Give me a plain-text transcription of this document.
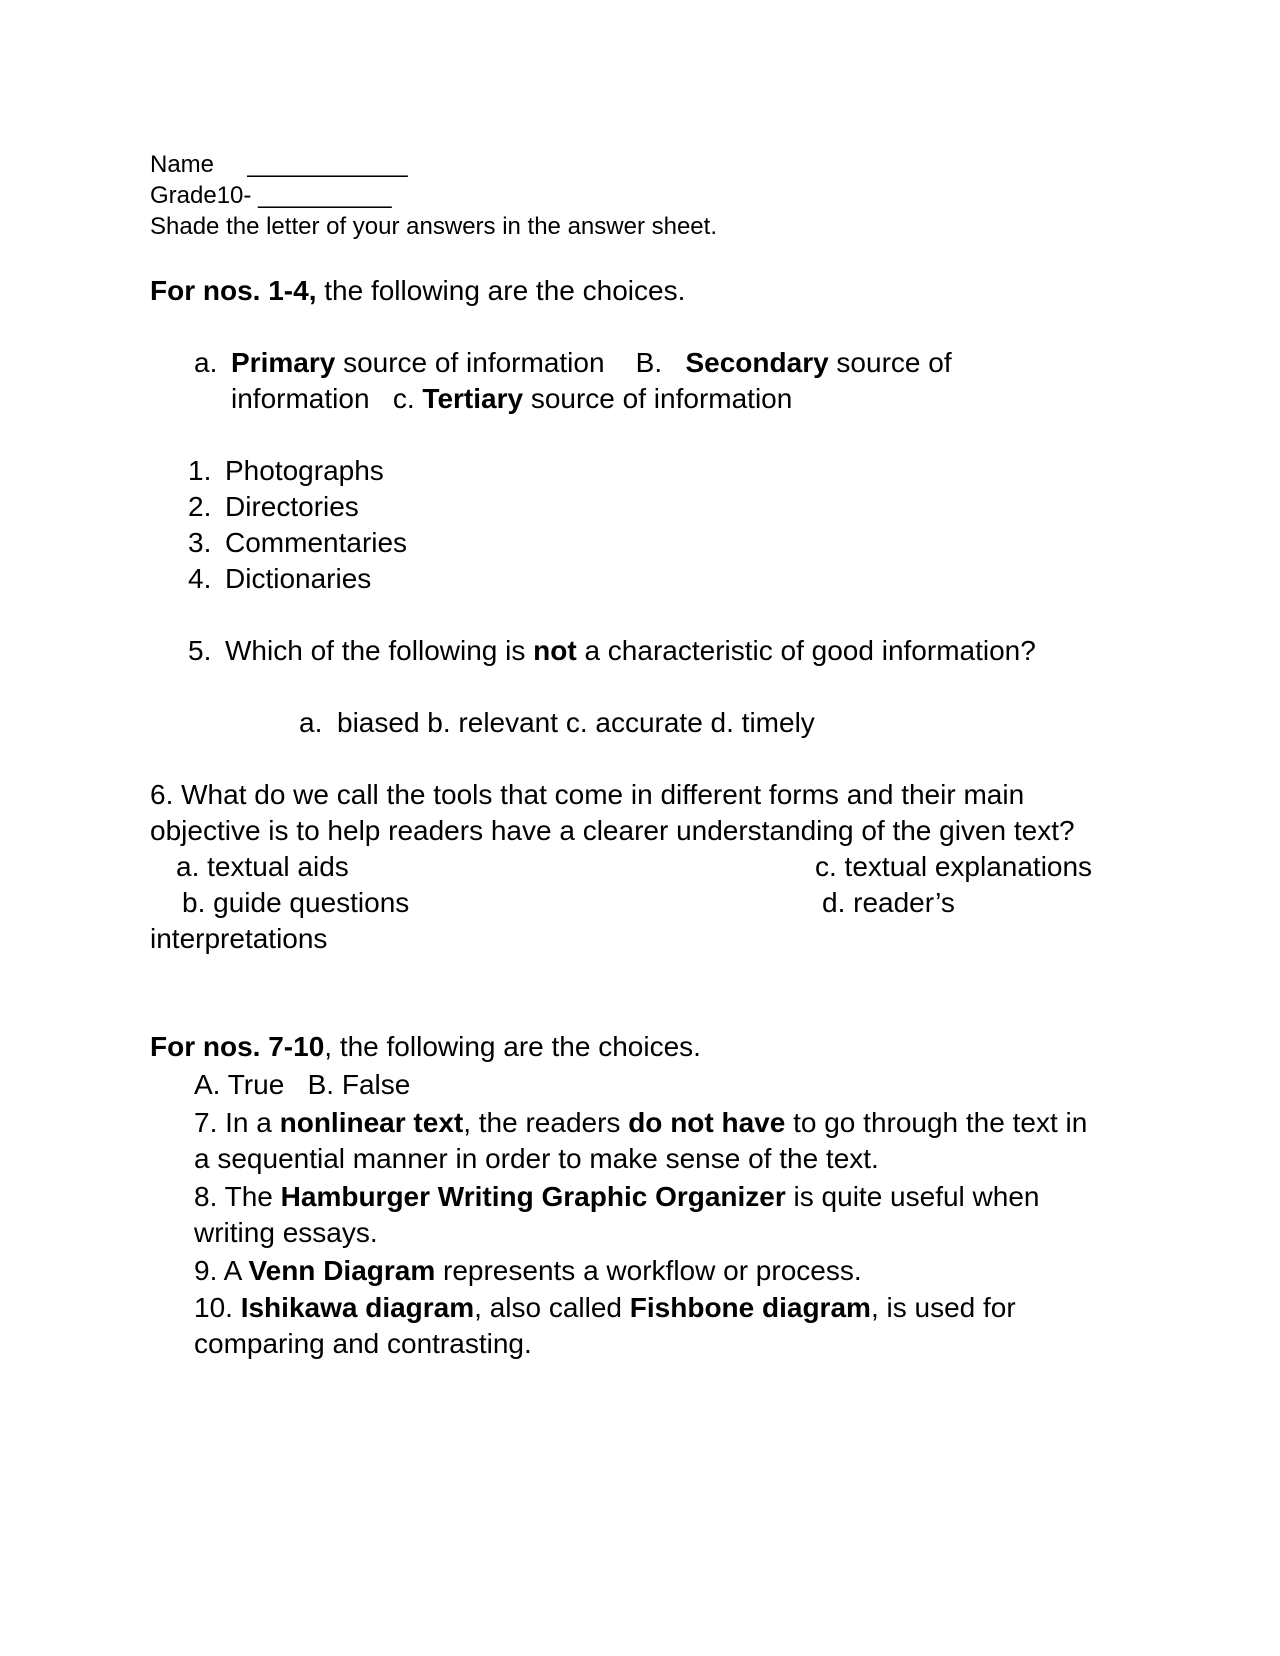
Name ____________
Grade10- __________
Shade the letter of your answers in the answer sheet.
For nos. 1-4, the following are the choices.
a. Primary source of information B. Secondary source of
information c. Tertiary source of information
1. Photographs
2. Directories
3. Commentaries
4. Dictionaries
5. Which of the following is not a characteristic of good information?
a. biased b. relevant c. accurate d. timely
6. What do we call the tools that come in different forms and their main
objective is to help readers have a clearer understanding of the given text?
a. textual aids	c. textual explanations
b. guide questions	d. reader’s
interpretations
For nos. 7-10, the following are the choices.
A. True   B. False
7. In a nonlinear text, the readers do not have to go through the text in
a sequential manner in order to make sense of the text.
8. The Hamburger Writing Graphic Organizer is quite useful when
writing essays.
9. A Venn Diagram represents a workflow or process.
10. Ishikawa diagram, also called Fishbone diagram, is used for
comparing and contrasting.
